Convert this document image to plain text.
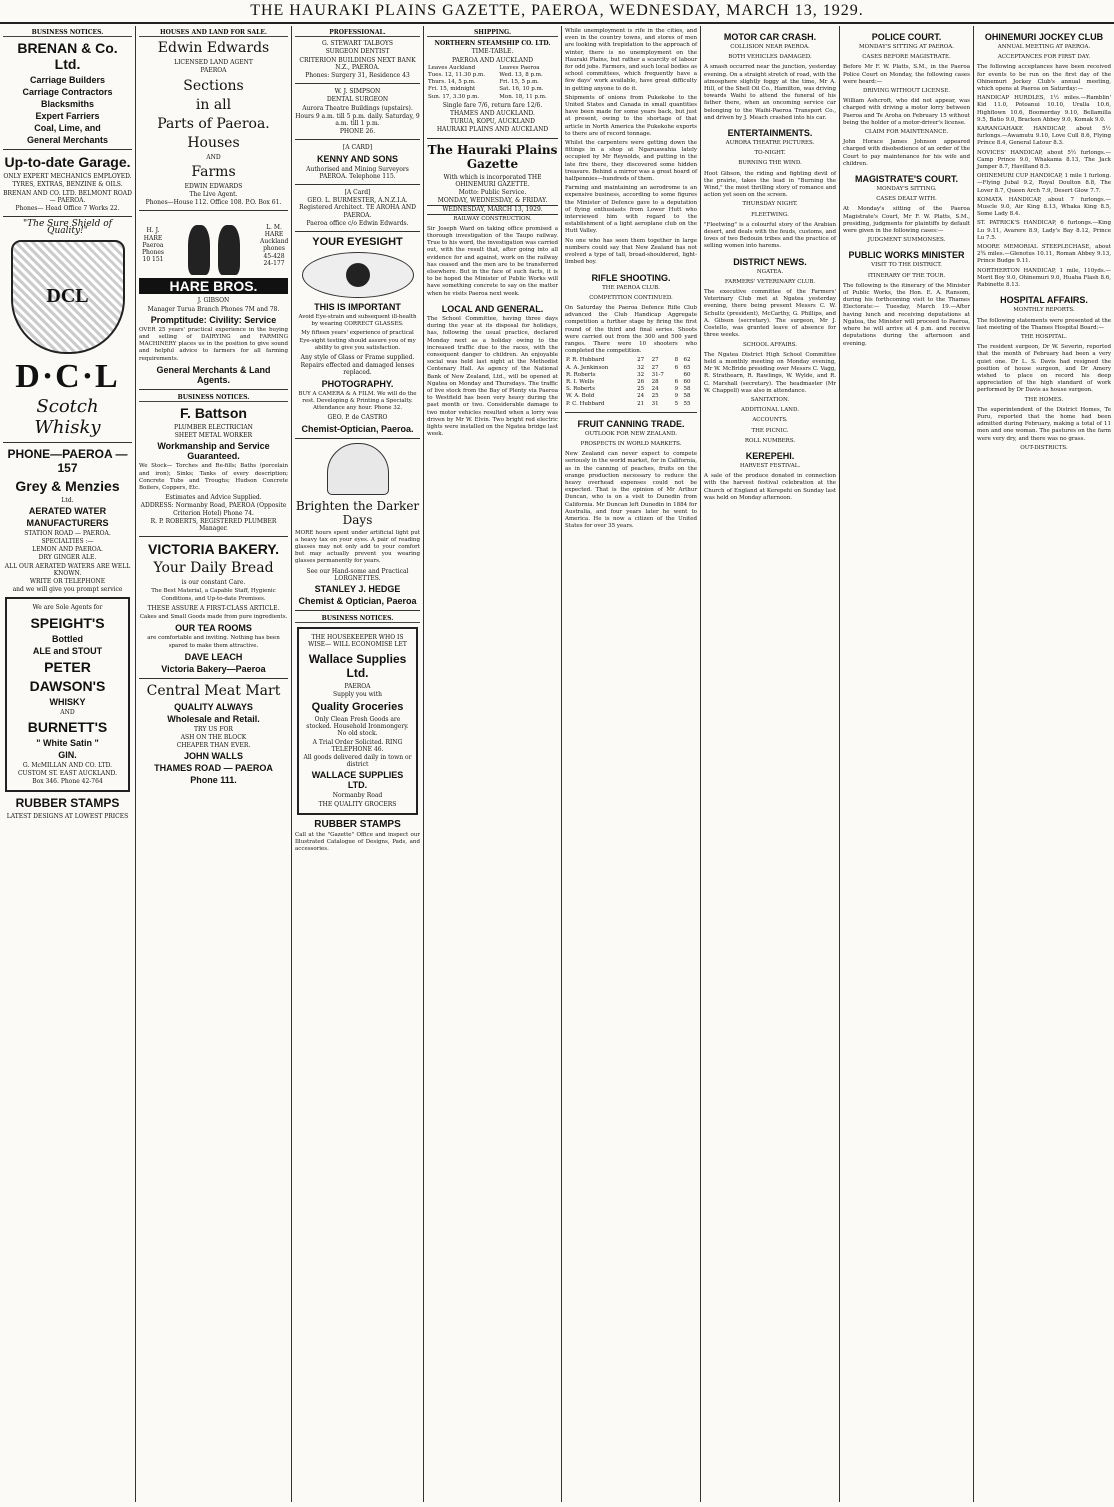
THE HAURAKI PLAINS GAZETTE, PAEROA, WEDNESDAY, MARCH 13, 1929.
BUSINESS NOTICES.
BRENAN & Co. Ltd.
Carriage Builders
Carriage Contractors
Blacksmiths
Expert Farriers
Coal, Lime, and
General Merchants
Up-to-date Garage.
ONLY EXPERT MECHANICS EMPLOYED.
TYRES, EXTRAS, BENZINE & OILS.
BRENAN AND CO. LTD. BELMONT ROAD — PAEROA.
Phones— Head Office 7 Works 22.
"The Sure Shield of Quality!"
DCL
D·C·L
Scotch Whisky
PHONE—PAEROA —157
Grey & Menzies
Ltd.
AERATED WATER
MANUFACTURERS
STATION ROAD — PAEROA.
SPECIALTIES :—
LEMON AND PAEROA.
DRY GINGER ALE.
ALL OUR AERATED WATERS ARE WELL KNOWN.
WRITE OR TELEPHONE
and we will give you prompt service
We are Sole Agents for
SPEIGHT'S
Bottled
ALE and STOUT
PETER
DAWSON'S
WHISKY
AND
BURNETT'S
" White Satin "
GIN.
G. McMILLAN AND CO. LTD.
CUSTOM ST. EAST AUCKLAND.
Box 346. Phone 42-764
RUBBER STAMPS
LATEST DESIGNS AT LOWEST PRICES
HOUSES AND LAND FOR SALE.
Edwin Edwards
LICENSED LAND AGENT
PAEROA
Sections
in all
Parts of Paeroa.
Houses
AND
Farms
EDWIN EDWARDS
The Live Agent.
Phones—House 112. Office 108. P.O. Box 61.
H. J. HARE Paeroa Phones 10 151
L. M. HARE Auckland phones 45-428 24-177
HARE BROS.
J. GIBSON
Manager Turua Branch Phones 7M and 78.
Promptitude: Civility: Service
OVER 25 years' practical experience in the buying and selling of DAIRYING and FARMING MACHINERY places us in the position to give sound and helpful advice to farmers for all farming requirements.
General Merchants & Land Agents.
BUSINESS NOTICES.
F. Battson
PLUMBER ELECTRICIAN
SHEET METAL WORKER
Workmanship and Service Guaranteed.
We Stock— Torches and Re-fills; Baths (porcelain and iron); Sinks; Tanks of every description; Concrete Tubs and Troughs; Hudson Concrete Boilers, Coppers, Etc.
Estimates and Advice Supplied.
ADDRESS: Normanby Road, PAEROA (Opposite Criterion Hotel) Phone 74.
R. P. ROBERTS, REGISTERED PLUMBER Manager.
VICTORIA BAKERY.
Your Daily Bread
is our constant Care.
The Best Material, a Capable Staff, Hygienic Conditions, and Up-to-date Premises.
THESE ASSURE A FIRST-CLASS ARTICLE.
Cakes and Small Goods made from pure ingredients.
OUR TEA ROOMS
are comfortable and inviting. Nothing has been spared to make them attractive.
DAVE LEACH
Victoria Bakery—Paeroa
Central Meat Mart
QUALITY ALWAYS
Wholesale and Retail.
TRY US FOR
ASH ON THE BLOCK
CHEAPER THAN EVER.
JOHN WALLS
THAMES ROAD — PAEROA
Phone 111.
PROFESSIONAL.
G. STEWART TALBOYS
SURGEON DENTIST
CRITERION BUILDINGS NEXT BANK N.Z., PAEROA.
Phones: Surgery 31, Residence 43
W. J. SIMPSON
DENTAL SURGEON
Aurora Theatre Buildings (upstairs).
Hours 9 a.m. till 5 p.m. daily. Saturday, 9 a.m. till 1 p.m.
PHONE 26.
[A CARD]
KENNY AND SONS
Authorised and Mining Surveyors PAEROA. Telephone 115.
[A Card]
GEO. L. BURMESTER, A.N.Z.I.A. Registered Architect. TE AROHA AND PAEROA.
Paeroa office c/o Edwin Edwards.
YOUR EYESIGHT
THIS IS IMPORTANT
Avoid Eye-strain and subsequent ill-health by wearing CORRECT GLASSES.
My fifteen years' experience of practical Eye-sight testing should assure you of my ability to give you satisfaction.
Any style of Glass or Frame supplied.
Repairs effected and damaged lenses replaced.
PHOTOGRAPHY.
BUY A CAMERA & A FILM. We will do the rest. Developing & Printing a Specialty. Attendance any hour. Phone 32.
GEO. P. de CASTRO
Chemist-Optician, Paeroa.
Brighten the Darker Days
MORE hours spent under artificial light put a heavy tax on your eyes. A pair of reading glasses may not only add to your comfort but may actually prevent you wearing glasses permanently for years.
See our Hand-some and Practical LORGNETTES.
STANLEY J. HEDGE
Chemist & Optician, Paeroa
BUSINESS NOTICES.
THE HOUSEKEEPER WHO IS WISE— WILL ECONOMISE LET
Wallace Supplies Ltd.
PAEROA
Supply you with
Quality Groceries
Only Clean Fresh Goods are stocked. Household Ironmongery. No old stock.
A Trial Order Solicited. RING TELEPHONE 46.
All goods delivered daily in town or district
WALLACE SUPPLIES LTD.
Normanby Road
THE QUALITY GROCERS
RUBBER STAMPS
Call at the "Gazette" Office and inspect our Illustrated Catalogue of Designs, Pads, and accessories.
SHIPPING.
NORTHERN STEAMSHIP CO. LTD.
TIME-TABLE.
PAEROA AND AUCKLAND
Leaves Auckland	Leaves Paeroa
Tues. 12, 11.30 p.m.	Wed. 13, 8 p.m.
Thurs. 14, 5 p.m.	Fri. 15, 5 p.m.
Fri. 15, midnight	Sat. 16, 10 p.m.
Sun. 17, 3.30 p.m.	Mon. 18, 11 p.m.
Single fare 7/6, return fare 12/6.
THAMES AND AUCKLAND.
TURUA, KOPU, AUCKLAND
HAURAKI PLAINS AND AUCKLAND
The Hauraki Plains Gazette
With which is incorporated THE OHINEMURI GAZETTE.
Motto: Public Service.
MONDAY, WEDNESDAY, & FRIDAY.
WEDNESDAY, MARCH 13, 1929.
RAILWAY CONSTRUCTION.
Sir Joseph Ward on taking office promised a thorough investigation of the Taupo railway. True to his word, the investigation was carried out, with the result that, after going into all evidence for and against, work on the railway has ceased and the men are to be transferred elsewhere. But in the face of such facts, it is to be hoped the Minister of Public Works will have something concrete to say on the matter when he visits Paeroa next week.
LOCAL AND GENERAL.
The School Committee, having three days during the year at its disposal for holidays, has, following the usual practice, declared Monday next as a holiday owing to the increased traffic due to the races, with the consequent danger to children. An enjoyable social was held last night at the Methodist Centenary Hall. As agency of the National Bank of New Zealand, Ltd., will be opened at Ngatea on Monday and Thursdays. The traffic of live stock from the Bay of Plenty via Paeroa to Westfield has been very heavy during the past month or two. Considerable damage to two motor vehicles resulted when a lorry was driven by Mr W. Elvin. Two bright red electric lights were installed on the Ngatea bridge last week.
While unemployment is rife in the cities, and even in the country towns, and stores of men are looking with trepidation to the approach of winter, there is no unemployment on the Hauraki Plains, but rather a scarcity of labour for odd jobs. Farmers, and such local bodies as school committees, which frequently have a few days' work available, have great difficulty in getting anyone to do it.
Shipments of onions from Pukekohe to the United States and Canada in small quantities have been made for some years back, but just at present, owing to the shortage of that article in North America the Pukekohe exports to there are of record tonnage.
Whilst the carpenters were getting down the fittings in a shop at Ngaruawahia lately occupied by Mr Reynolds, and putting in the late fire there, they discovered some hidden treasure. Behind a mirror was a great hoard of halfpennies—hundreds of them.
Farming and maintaining an aerodrome is an expensive business, according to some figures the Minister of Defence gave to a deputation of flying enthusiasts from Lower Hutt who interviewed him with regard to the establishment of a light aeroplane club on the Hutt Valley.
No one who has seen them together in large numbers could say that New Zealand has not evolved a type of tall, broad-shouldered, light-limbed boy.
RIFLE SHOOTING.
THE PAEROA CLUB.
COMPETITION CONTINUED.
On Saturday the Paeroa Defence Rifle Club advanced the Club Handicap Aggregate competition a further stage by firing the first round of the third and final series. Shoots were carried out from the 300 and 500 yard ranges. There were 10 shooters who completed the competition.
P. R. Hubbard	27	27	8	62
A. A. Jenkinson	32	27	6	65
R. Roberts	32	31-7		60
R. I. Wells	26	28	6	60
S. Roberts	25	24	9	58
W. A. Bold	24	25	9	58
P. C. Hubbard	21	31	5	55
FRUIT CANNING TRADE.
OUTLOOK FOR NEW ZEALAND.
PROSPECTS IN WORLD MARKETS.
New Zealand can never expect to compete seriously in the world market, for in California, as in the canning of peaches, fruits on the orange production necessary to reduce the heavy overhead expenses could not be expected. That is the opinion of Mr Arthur Duncan, who is on a visit to Dunedin from California. Mr Duncan left Dunedin in 1884 for Australia, and four years later he went to America. He is now a citizen of the United States for over 35 years.
MOTOR CAR CRASH.
COLLISION NEAR PAEROA.
BOTH VEHICLES DAMAGED.
A smash occurred near the junction, yesterday evening. On a straight stretch of road, with the atmosphere slightly foggy at the time, Mr A. Hill, of the Shell Oil Co., Hamilton, was driving towards Waihi to attend the funeral of his father there, when an oncoming service car belonging to the Waihi-Paeroa Transport Co., and driven by J. Meach crashed into his car.
ENTERTAINMENTS.
AURORA THEATRE PICTURES.
TO-NIGHT.
BURNING THE WIND.
Hoot Gibson, the riding and fighting devil of the prairie, takes the lead in "Burning the Wind," the most thrilling story of romance and action yet seen on the screen.
THURSDAY NIGHT.
FLEETWING.
"Fleetwing" is a colourful story of the Arabian desert, and deals with the feuds, customs, and loves of two Bedouin tribes and the practice of selling women into harems.
DISTRICT NEWS.
NGATEA.
FARMERS' VETERINARY CLUB.
The executive committee of the Farmers' Veterinary Club met at Ngatea yesterday evening, there being present Messrs C. W. Schultz (president), McCarthy, G. Phillips, and A. Gibson (secretary). The surgeon, Mr J. Costello, was granted leave of absence for three weeks.
SCHOOL AFFAIRS.
The Ngatea District High School Committee held a monthly meeting on Monday evening, Mr W. McBride presiding over Messrs C. Vagg, R. Strathearn, R. Rawlings, W. Wylde, and R. C. Marshall (secretary). The headmaster (Mr W. Chappell) was also in attendance.
SANITATION.
ADDITIONAL LAND.
ACCOUNTS.
THE PICNIC.
ROLL NUMBERS.
KEREPEHI.
HARVEST FESTIVAL.
A sale of the produce donated in connection with the harvest festival celebration at the Church of England at Kerepehi on Sunday last was held on Monday afternoon.
POLICE COURT.
MONDAY'S SITTING AT PAEROA.
CASES BEFORE MAGISTRATE.
Before Mr F. W. Platts, S.M., in the Paeroa Police Court on Monday, the following cases were heard:—
DRIVING WITHOUT LICENSE.
William Ashcroft, who did not appear, was charged with driving a motor lorry between Paeroa and Te Aroha on February 15 without being the holder of a motor-driver's license.
CLAIM FOR MAINTENANCE.
John Horace James Johnson appeared charged with disobedience of an order of the Court to pay maintenance for his wife and children.
MAGISTRATE'S COURT.
MONDAY'S SITTING.
CASES DEALT WITH.
At Monday's sitting of the Paeroa Magistrate's Court, Mr F. W. Platts, S.M., presiding, judgments for plaintiffs by default were given in the following cases:—
JUDGMENT SUMMONSES.
PUBLIC WORKS MINISTER
VISIT TO THE DISTRICT.
ITINERARY OF THE TOUR.
The following is the itinerary of the Minister of Public Works, the Hon. E. A. Ransom, during his forthcoming visit to the Thames Electorate:— Tuesday, March 19.—After having lunch and receiving deputations at Ngatea, the Minister will proceed to Paeroa, where he will arrive at 4 p.m. and receive deputations during the afternoon and evening.
OHINEMURI JOCKEY CLUB
ANNUAL MEETING AT PAEROA.
ACCEPTANCES FOR FIRST DAY.
The following acceptances have been received for events to be run on the first day of the Ohinemuri Jockey Club's annual meeting, which opens at Paeroa on Saturday:—
HANDICAP HURDLES, 1½ miles.—Ramblin' Kid 11.0, Potoanui 10.10, Uralla 10.6, Highflown 10.6, Boomerday 9.10, Bellamilla 9.5, Batio 9.0, Bracken Abbey 9.0, Komak 9.0.
KARANGAHAKE HANDICAP, about 5½ furlongs.—Awamutu 9.10, Love Cull 8.6, Flying Prince 8.4, General Latour 8.3.
NOVICES' HANDICAP, about 5½ furlongs.—Camp Prince 9.0, Whakama 8.13, The Jack Jumper 8.7, Havilland 8.5.
OHINEMURI CUP HANDICAP, 1 mile 1 furlong.—Flying Jubal 9.2, Royal Doulton 8.8, The Lover 8.7, Queen Arch 7.9, Desert Glow 7.7.
KOMATA HANDICAP, about 7 furlongs.—Muscle 9.0, Air King 8.13, Whaka King 8.5, Some Lady 8.4.
ST. PATRICK'S HANDICAP, 6 furlongs.—King Lu 9.11, Avarere 8.9, Lady's Bay 8.12, Prince Lu 7.5.
MOORE MEMORIAL STEEPLECHASE, about 2¾ miles.—Glenotus 10.11, Roman Abbey 9.13, Prince Budge 9.11.
NORTHERTON HANDICAP, 1 mile, 110yds.—Morit Boy 9.0, Ohinemuri 9.0, Huaha Flash 8.6, Rabinette 8.13.
HOSPITAL AFFAIRS.
MONTHLY REPORTS.
The following statements were presented at the last meeting of the Thames Hospital Board:—
THE HOSPITAL.
The resident surgeon, Dr W. Severin, reported that the month of February had been a very quiet one. Dr L. S. Davis had resigned the position of house surgeon, and Dr Amery wished to place on record his deep appreciation of the high standard of work performed by Dr Davis as house surgeon.
THE HOMES.
The superintendent of the District Homes, Te Puru, reported that the home had been admitted during February, making a total of 11 men and one woman. The pastures on the farm were very dry, and there was no grass.
OUT-DISTRICTS.
